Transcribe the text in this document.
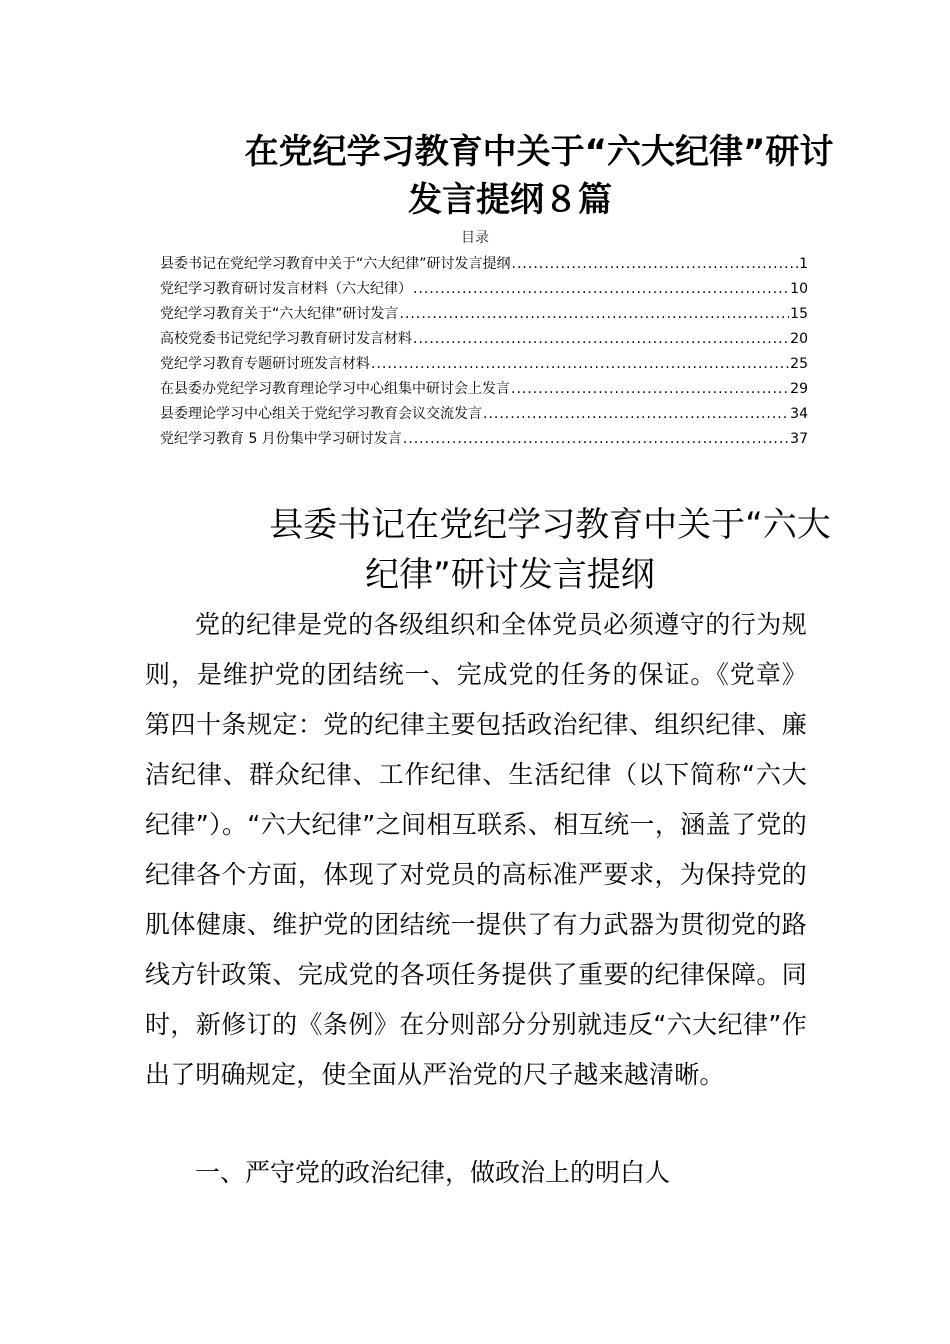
在党纪学习教育中关于“六大纪律”研讨
发言提纲８篇
目录
县委书记在党纪学习教育中关于“六大纪律”研讨发言提纲 .....	1
党纪学习教育研讨发言材料（六大纪律） .....	10
党纪学习教育关于“六大纪律”研讨发言 .....	15
高校党委书记党纪学习教育研讨发言材料 .....	20
党纪学习教育专题研讨班发言材料 .....	25
在县委办党纪学习教育理论学习中心组集中研讨会上发言 .....	29
县委理论学习中心组关于党纪学习教育会议交流发言 .....	34
党纪学习教育 5 月份集中学习研讨发言 .....	37
县委书记在党纪学习教育中关于“六大
纪律”研讨发言提纲

党的纪律是党的各级组织和全体党员必须遵守的行为规则，是维护党的团结统一、完成党的任务的保证。《党章》第四十条规定：党的纪律主要包括政治纪律、组织纪律、廉洁纪律、群众纪律、工作纪律、生活纪律（以下简称“六大纪律”）。“六大纪律”之间相互联系、相互统一，涵盖了党的纪律各个方面，体现了对党员的高标准严要求，为保持党的肌体健康、维护党的团结统一提供了有力武器为贯彻党的路线方针政策、完成党的各项任务提供了重要的纪律保障。同时，新修订的《条例》在分则部分分别就违反“六大纪律”作出了明确规定，使全面从严治党的尺子越来越清晰。

一、严守党的政治纪律，做政治上的明白人
